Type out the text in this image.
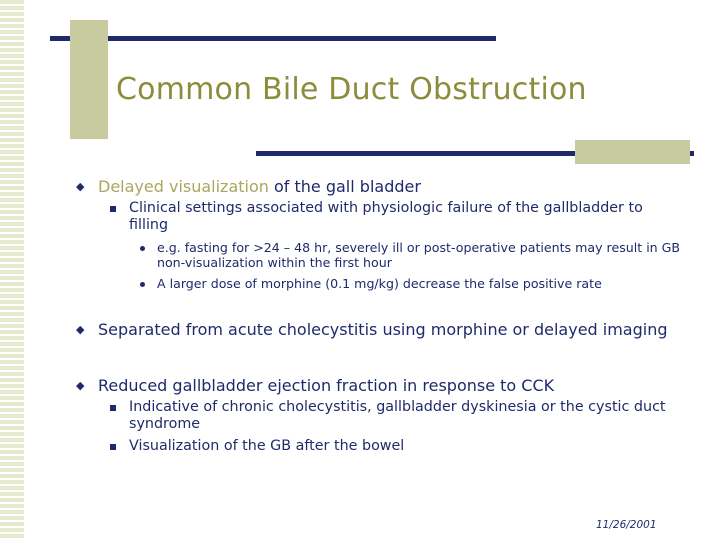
Common Bile Duct Obstruction
◆ Delayed visualization of the gall bladder
Clinical settings associated with physiologic failure of the gallbladder to filling
e.g. fasting for >24 – 48 hr, severely ill or post-operative patients may result in GB non-visualization within the first hour
A larger dose of morphine (0.1 mg/kg) decrease the false positive rate
◆ Separated from acute cholecystitis using morphine or delayed imaging
◆ Reduced gallbladder ejection fraction in response to CCK
Indicative of chronic cholecystitis, gallbladder dyskinesia or the cystic duct syndrome
Visualization of the GB after the bowel
11/26/2001
